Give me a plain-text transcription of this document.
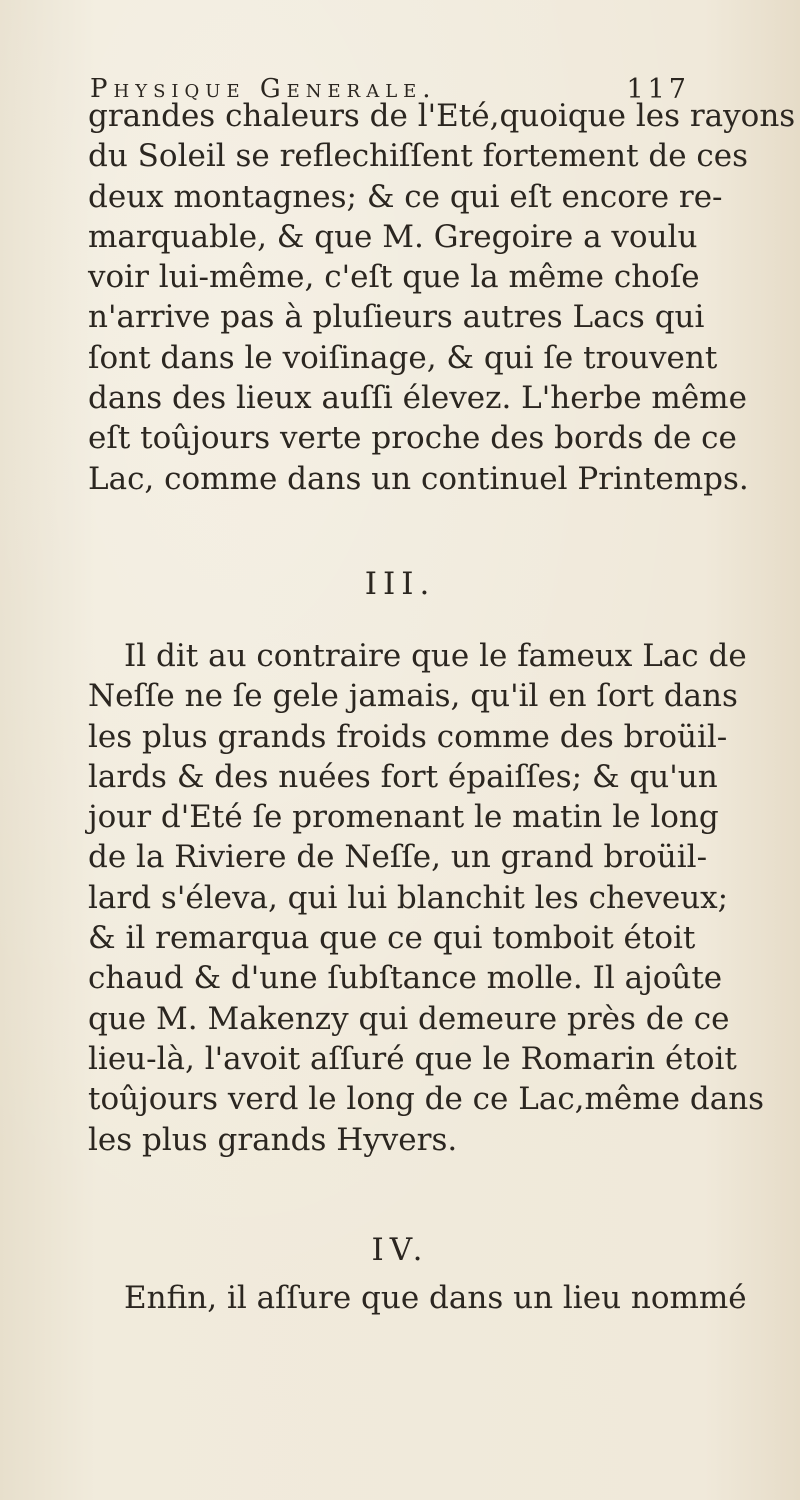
Physique Generale.	117
grandes chaleurs de l'Eté,quoique les rayons
du Soleil se reflechiſſent fortement de ces
deux montagnes; & ce qui eſt encore re-
marquable, & que M. Gregoire a voulu
voir lui-même, c'eſt que la même choſe
n'arrive pas à pluſieurs autres Lacs qui
ſont dans le voiſinage, & qui ſe trouvent
dans des lieux auſſi élevez. L'herbe même
eſt toûjours verte proche des bords de ce
Lac, comme dans un continuel Printemps.
III.
Il dit au contraire que le fameux Lac de
Neſſe ne ſe gele jamais, qu'il en ſort dans
les plus grands froids comme des broüil-
lards & des nuées fort épaiſſes; & qu'un
jour d'Eté ſe promenant le matin le long
de la Riviere de Neſſe, un grand broüil-
lard s'éleva, qui lui blanchit les cheveux;
& il remarqua que ce qui tomboit étoit
chaud & d'une ſubſtance molle. Il ajoûte
que M. Makenzy qui demeure près de ce
lieu-là, l'avoit aſſuré que le Romarin étoit
toûjours verd le long de ce Lac,même dans
les plus grands Hyvers.
IV.
Enfin, il aſſure que dans un lieu nommé
